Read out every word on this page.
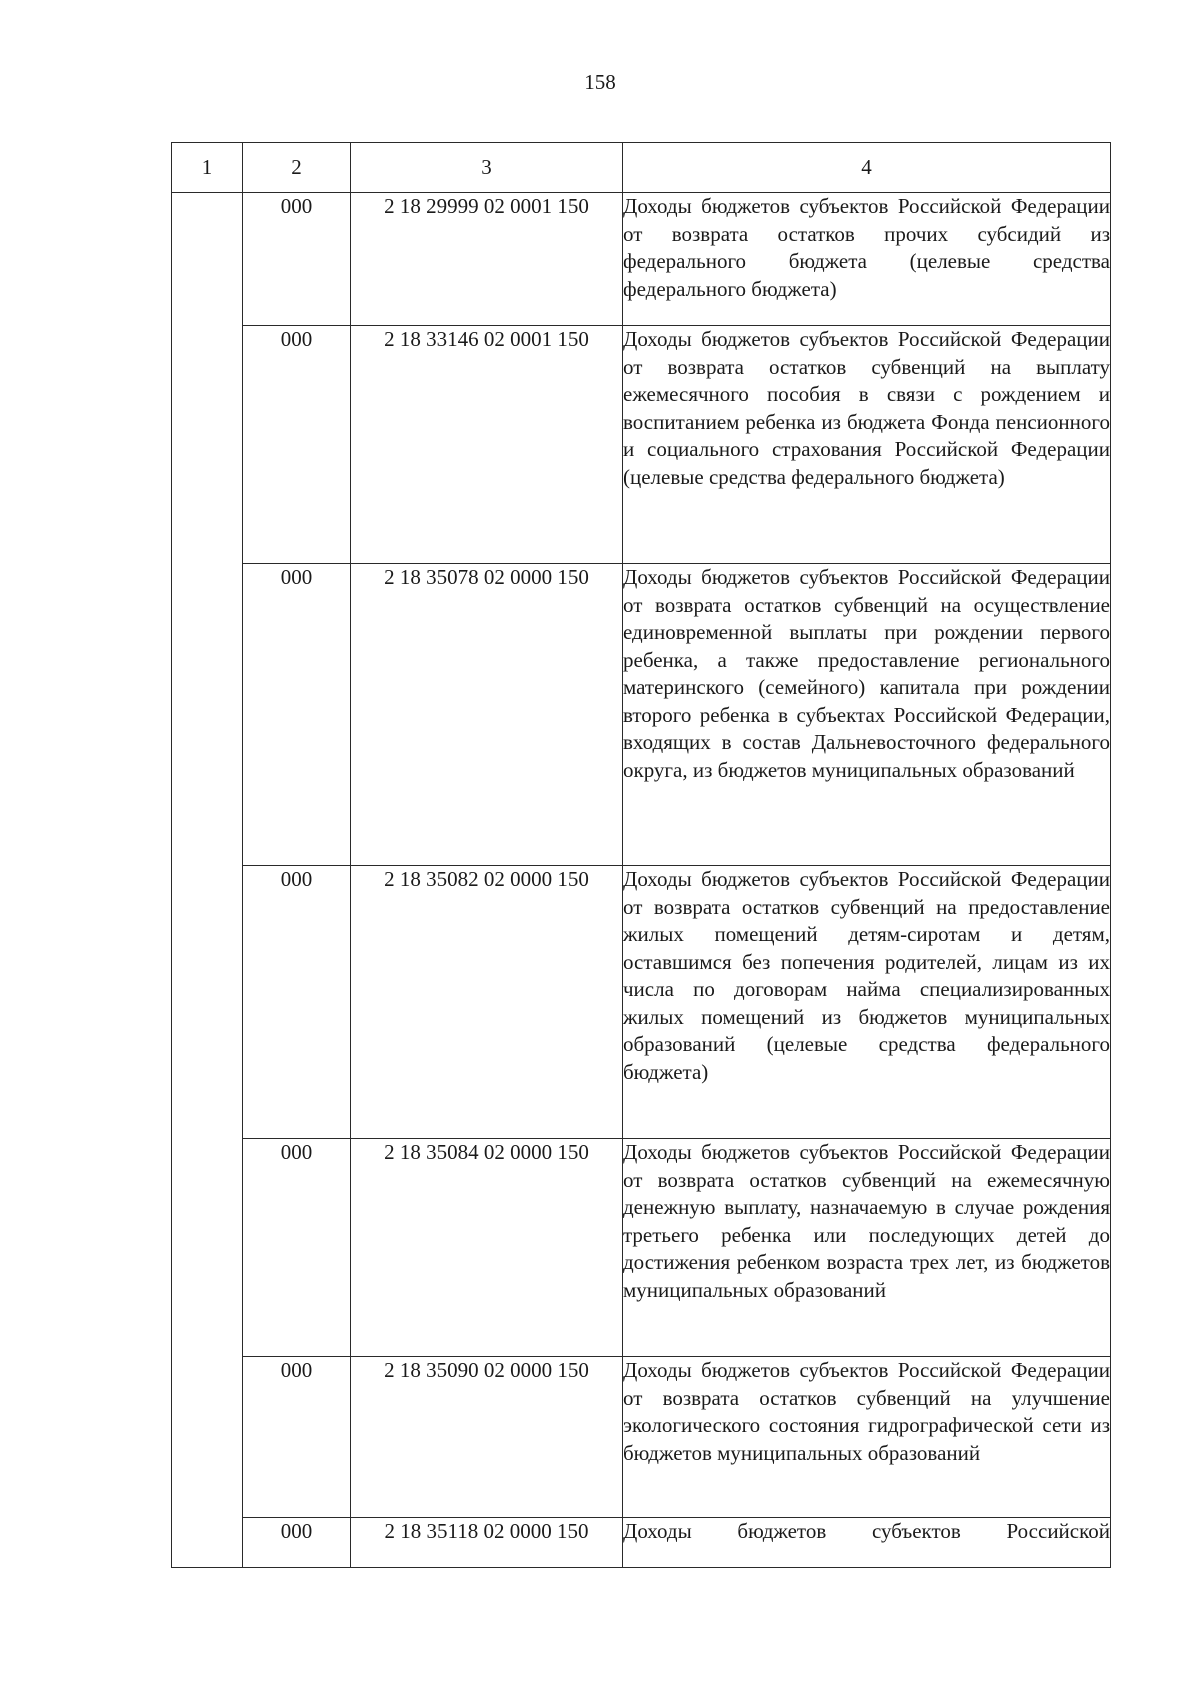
158
1	2	3	4
	000	2 18 29999 02 0001 150	Доходы бюджетов субъектов Российской Федерации от возврата остатков прочих субсидий из федерального бюджета (целевые средства федерального бюджета)

	000	2 18 33146 02 0001 150	Доходы бюджетов субъектов Российской Федерации от возврата остатков субвенций на выплату ежемесячного пособия в связи с рождением и воспитанием ребенка из бюджета Фонда пенсионного и социального страхования Российской Федерации (целевые средства федерального бюджета)

	000	2 18 35078 02 0000 150	Доходы бюджетов субъектов Российской Федерации от возврата остатков субвенций на осуществление единовременной выплаты при рождении первого ребенка, а также предоставление регионального материнского (семейного) капитала при рождении второго ребенка в субъектах Российской Федерации, входящих в состав Дальневосточного федерального округа, из бюджетов муниципальных образований

	000	2 18 35082 02 0000 150	Доходы бюджетов субъектов Российской Федерации от возврата остатков субвенций на предоставление жилых помещений детям-сиротам и детям, оставшимся без попечения родителей, лицам из их числа по договорам найма специализированных жилых помещений из бюджетов муниципальных образований (целевые средства федерального бюджета)

	000	2 18 35084 02 0000 150	Доходы бюджетов субъектов Российской Федерации от возврата остатков субвенций на ежемесячную денежную выплату, назначаемую в случае рождения третьего ребенка или последующих детей до достижения ребенком возраста трех лет, из бюджетов муниципальных образований

	000	2 18 35090 02 0000 150	Доходы бюджетов субъектов Российской Федерации от возврата остатков субвенций на улучшение экологического состояния гидрографической сети из бюджетов муниципальных образований

	000	2 18 35118 02 0000 150	Доходы бюджетов субъектов Российской
